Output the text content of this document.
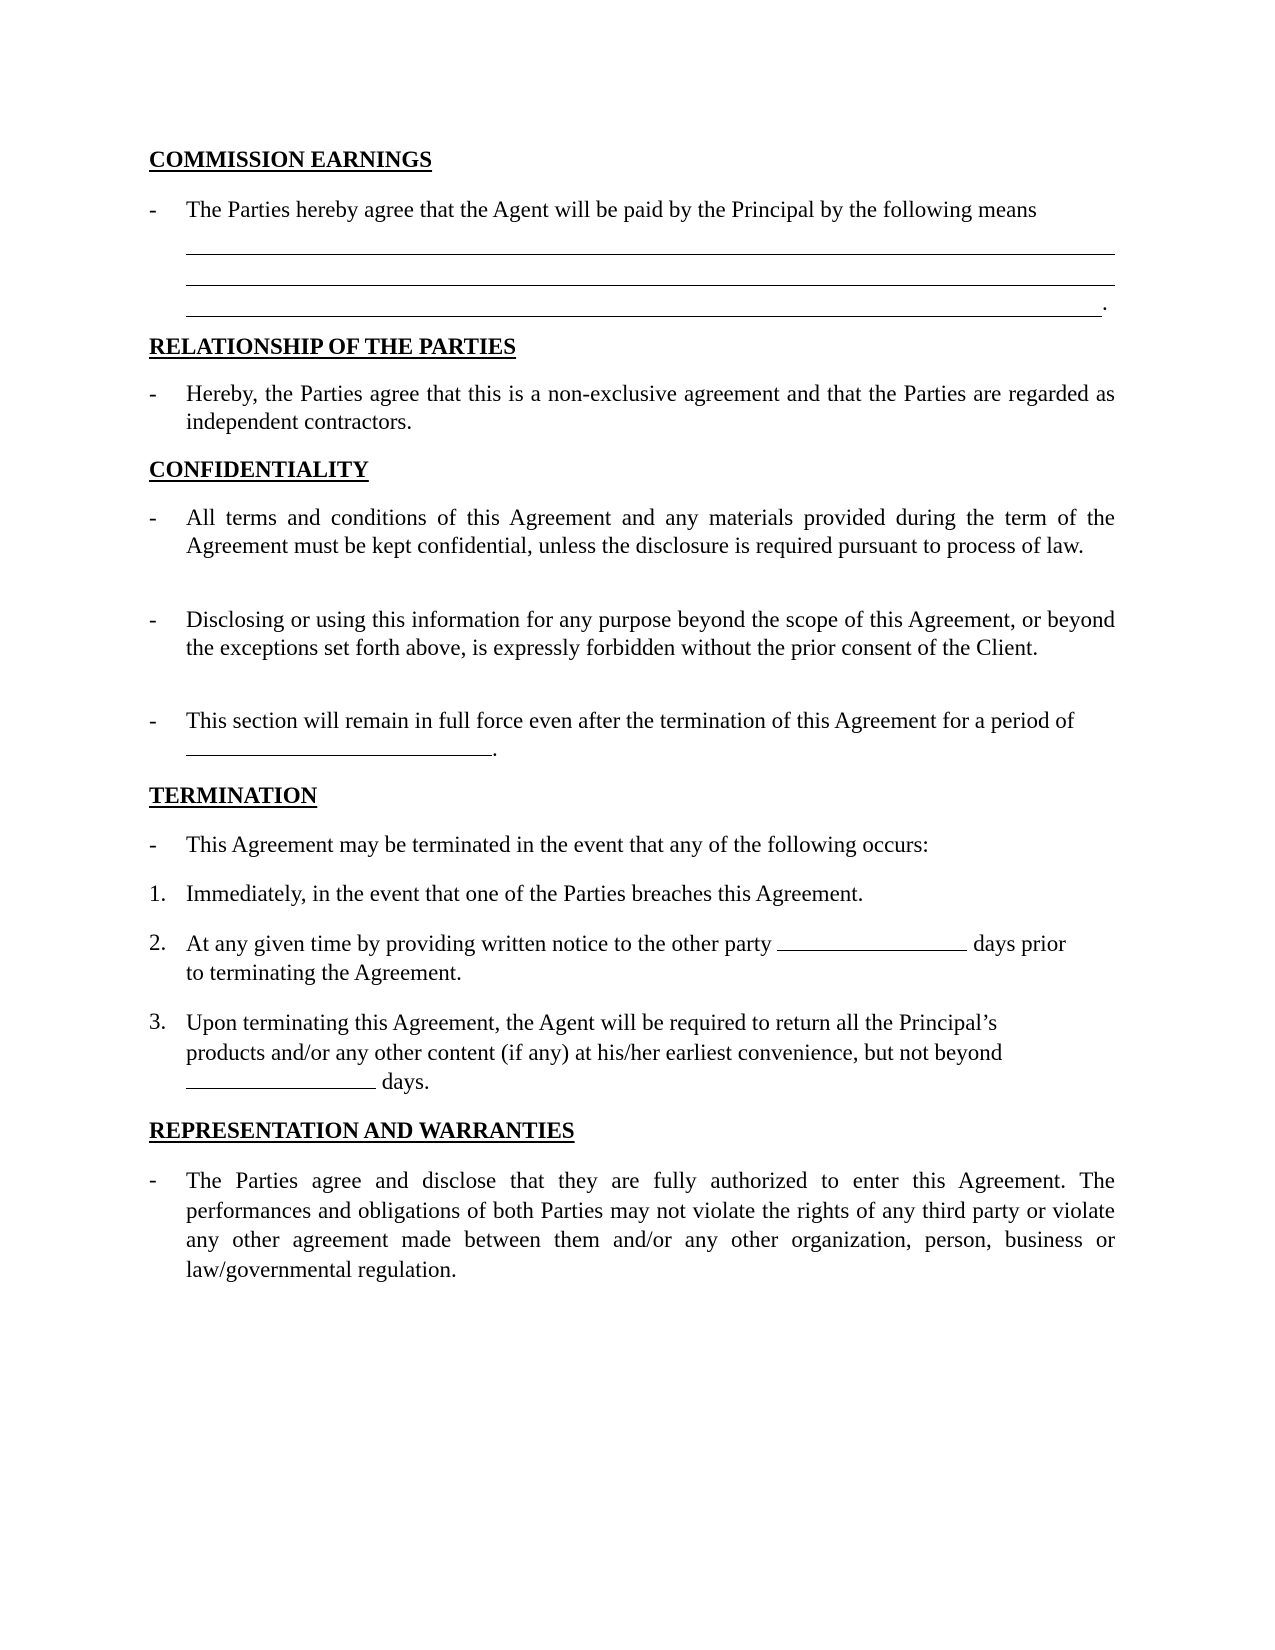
COMMISSION EARNINGS
-	The Parties hereby agree that the Agent will be paid by the Principal by the following means
.
RELATIONSHIP OF THE PARTIES
-	Hereby, the Parties agree that this is a non-exclusive agreement and that the Parties are regarded as independent contractors.
CONFIDENTIALITY
-	All terms and conditions of this Agreement and any materials provided during the term of the Agreement must be kept confidential, unless the disclosure is required pursuant to process of law.
-	Disclosing or using this information for any purpose beyond the scope of this Agreement, or beyond the exceptions set forth above, is expressly forbidden without the prior consent of the Client.
-	This section will remain in full force even after the termination of this Agreement for a period of .
TERMINATION
-	This Agreement may be terminated in the event that any of the following occurs:
1. Immediately, in the event that one of the Parties breaches this Agreement.
2. At any given time by providing written notice to the other party	days prior to terminating the Agreement.
3. Upon terminating this Agreement, the Agent will be required to return all the Principal’s products and/or any other content (if any) at his/her earliest convenience, but not beyond  days.
REPRESENTATION AND WARRANTIES
-	The Parties agree and disclose that they are fully authorized to enter this Agreement. The performances and obligations of both Parties may not violate the rights of any third party or violate any other agreement made between them and/or any other organization, person, business or law/governmental regulation.
